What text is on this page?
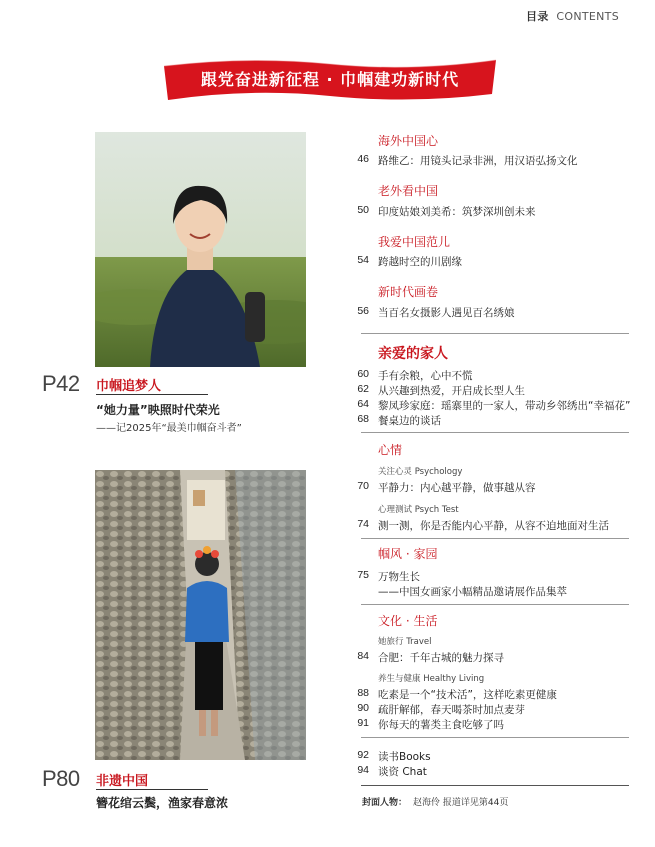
目录 CONTENTS
跟党奋进新征程 · 巾帼建功新时代
P42 巾帼追梦人
“她力量”映照时代荣光
——记2025年“最美巾帼奋斗者”
P80 非遗中国
簪花绾云鬓，渔家春意浓
海外中国心
46 路维乙：用镜头记录非洲，用汉语弘扬文化
老外看中国
50 印度姑娘刘美希：筑梦深圳创未来
我爱中国范儿
54 跨越时空的川剧缘
新时代画卷
56 当百名女摄影人遇见百名绣娘
亲爱的家人
60 手有余粮，心中不慌
62 从兴趣到热爱，开启成长型人生
64 黎凤珍家庭：瑶寨里的一家人，带动乡邻绣出“幸福花”
68 餐桌边的谈话
心情
关注心灵 Psychology
70 平静力：内心越平静，做事越从容
心理测试 Psych Test
74 测一测，你是否能内心平静，从容不迫地面对生活
帼风 · 家园
75 万物生长
——中国女画家小幅精品邀请展作品集萃
文化 · 生活
她旅行 Travel
84 合肥：千年古城的魅力探寻
养生与健康 Healthy Living
88 吃素是一个“技术活”，这样吃素更健康
90 疏肝解郁，春天喝茶时加点麦芽
91 你每天的薯类主食吃够了吗
92 读书Books
94 谈资 Chat
封面人物： 赵海伶 报道详见第44页
